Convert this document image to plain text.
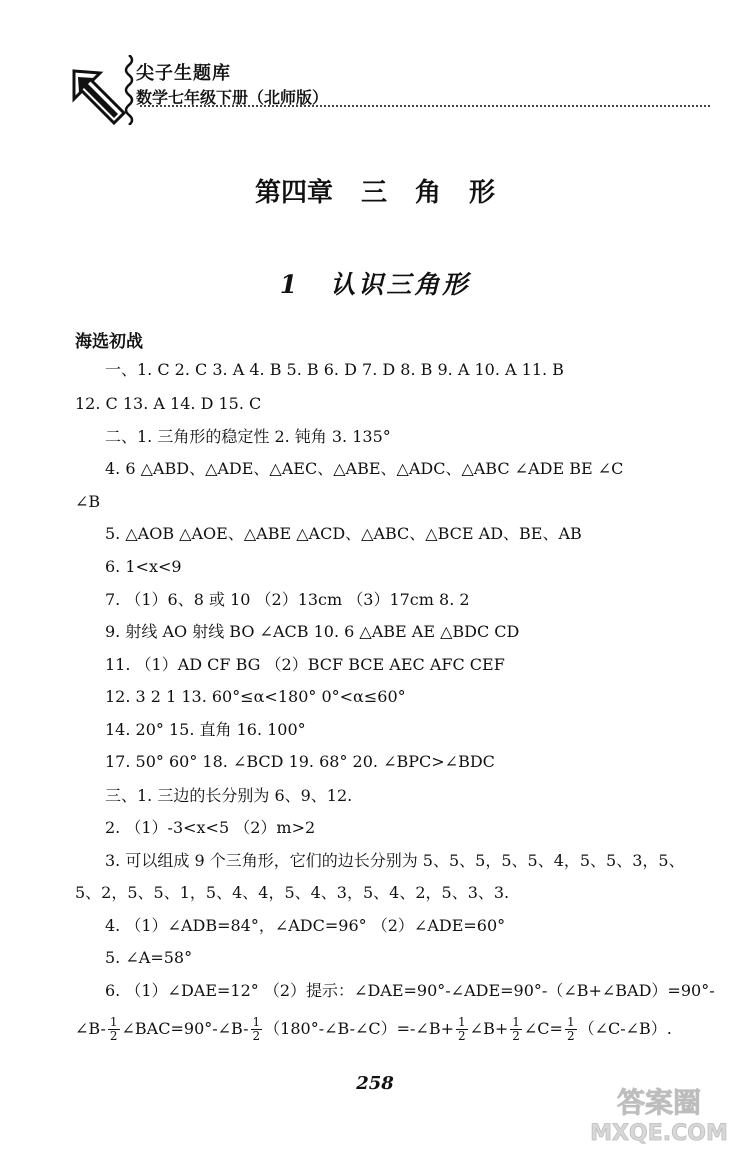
尖子生题库
数学七年级下册（北师版）
第四章 三 角 形
1 认识三角形
海选初战
一、1. C 2. C 3. A 4. B 5. B 6. D 7. D 8. B 9. A 10. A 11. B
12. C 13. A 14. D 15. C
二、1. 三角形的稳定性 2. 钝角 3. 135°
4. 6 △ABD、△ADE、△AEC、△ABE、△ADC、△ABC ∠ADE BE ∠C
∠B
5. △AOB △AOE、△ABE △ACD、△ABC、△BCE AD、BE、AB
6. 1<x<9
7. （1）6、8 或 10 （2）13cm （3）17cm 8. 2
9. 射线 AO 射线 BO ∠ACB 10. 6 △ABE AE △BDC CD
11. （1）AD CF BG （2）BCF BCE AEC AFC CEF
12. 3 2 1 13. 60°≤α<180° 0°<α≤60°
14. 20° 15. 直角 16. 100°
17. 50° 60° 18. ∠BCD 19. 68° 20. ∠BPC>∠BDC
三、1. 三边的长分别为 6、9、12.
2. （1）-3<x<5 （2）m>2
3. 可以组成 9 个三角形，它们的边长分别为 5、5、5，5、5、4，5、5、3，5、
5、2，5、5、1，5、4、4，5、4、3，5、4、2，5、3、3.
4. （1）∠ADB=84°，∠ADC=96° （2）∠ADE=60°
5. ∠A=58°
6. （1）∠DAE=12° （2）提示：∠DAE=90°-∠ADE=90°-（∠B+∠BAD）=90°-
∠B- $\frac{1}{2}$ ∠BAC=90°-∠B- $\frac{1}{2}$ （180°-∠B-∠C）=-∠B+ $\frac{1}{2}$ ∠B+ $\frac{1}{2}$ ∠C= $\frac{1}{2}$ （∠C-∠B）.
258
答案圈
MXQE.COM
